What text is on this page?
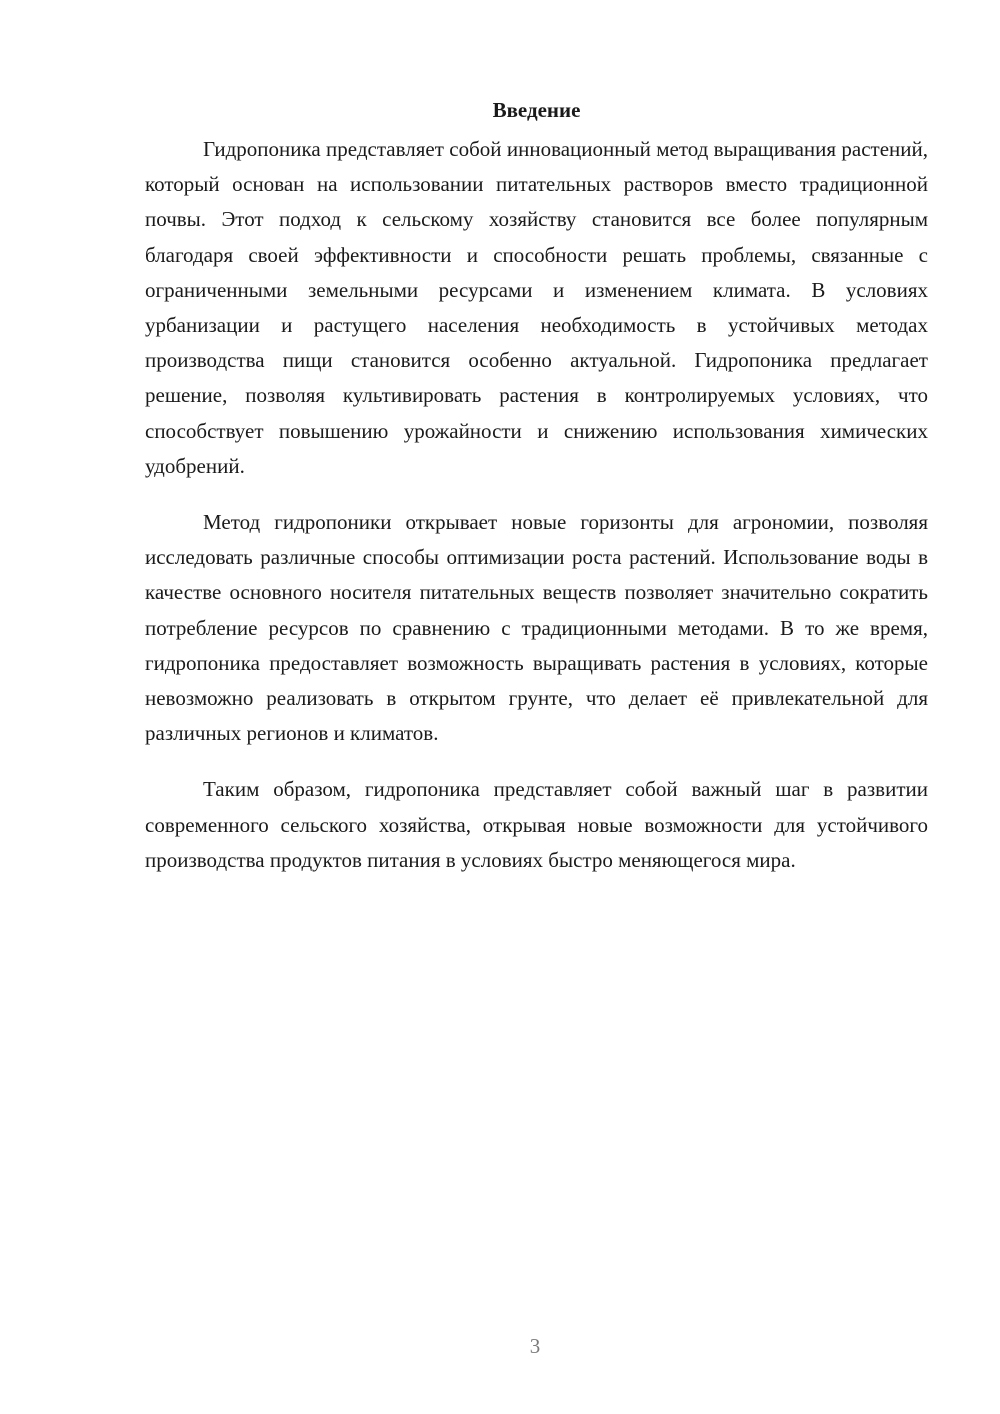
Введение

Гидропоника представляет собой инновационный метод выращивания растений, который основан на использовании питательных растворов вместо традиционной почвы. Этот подход к сельскому хозяйству становится все более популярным благодаря своей эффективности и способности решать проблемы, связанные с ограниченными земельными ресурсами и изменением климата. В условиях урбанизации и растущего населения необходимость в устойчивых методах производства пищи становится особенно актуальной. Гидропоника предлагает решение, позволяя культивировать растения в контролируемых условиях, что способствует повышению урожайности и снижению использования химических удобрений.

Метод гидропоники открывает новые горизонты для агрономии, позволяя исследовать различные способы оптимизации роста растений. Использование воды в качестве основного носителя питательных веществ позволяет значительно сократить потребление ресурсов по сравнению с традиционными методами. В то же время, гидропоника предоставляет возможность выращивать растения в условиях, которые невозможно реализовать в открытом грунте, что делает её привлекательной для различных регионов и климатов.

Таким образом, гидропоника представляет собой важный шаг в развитии современного сельского хозяйства, открывая новые возможности для устойчивого производства продуктов питания в условиях быстро меняющегося мира.

3
